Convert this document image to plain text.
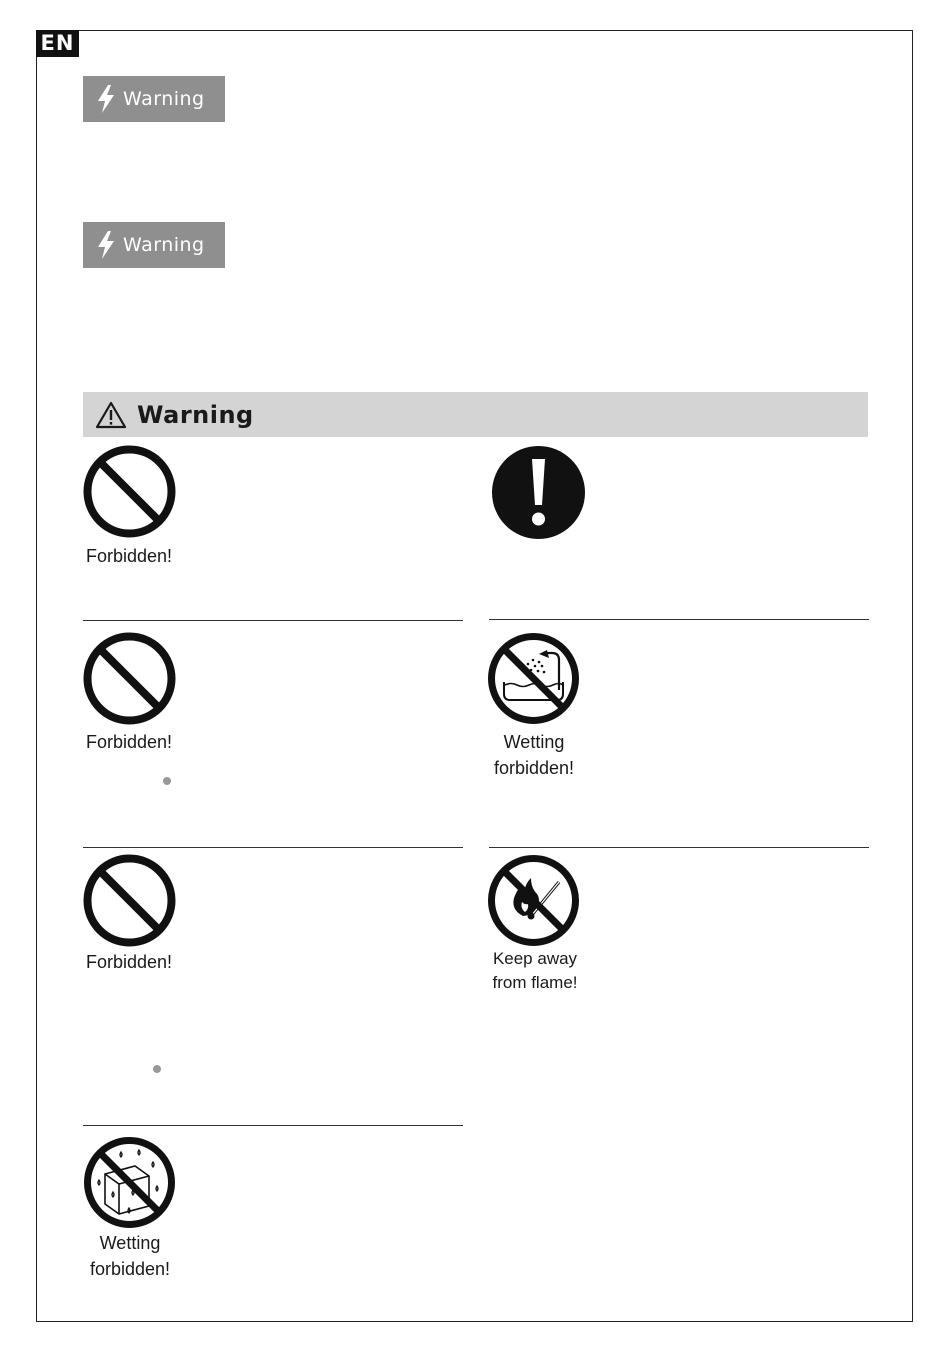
EN
Warning
Warning
Warning
Forbidden!
Forbidden!	Wetting
forbidden!
Forbidden!	Keep away
from flame!
Wetting
forbidden!
